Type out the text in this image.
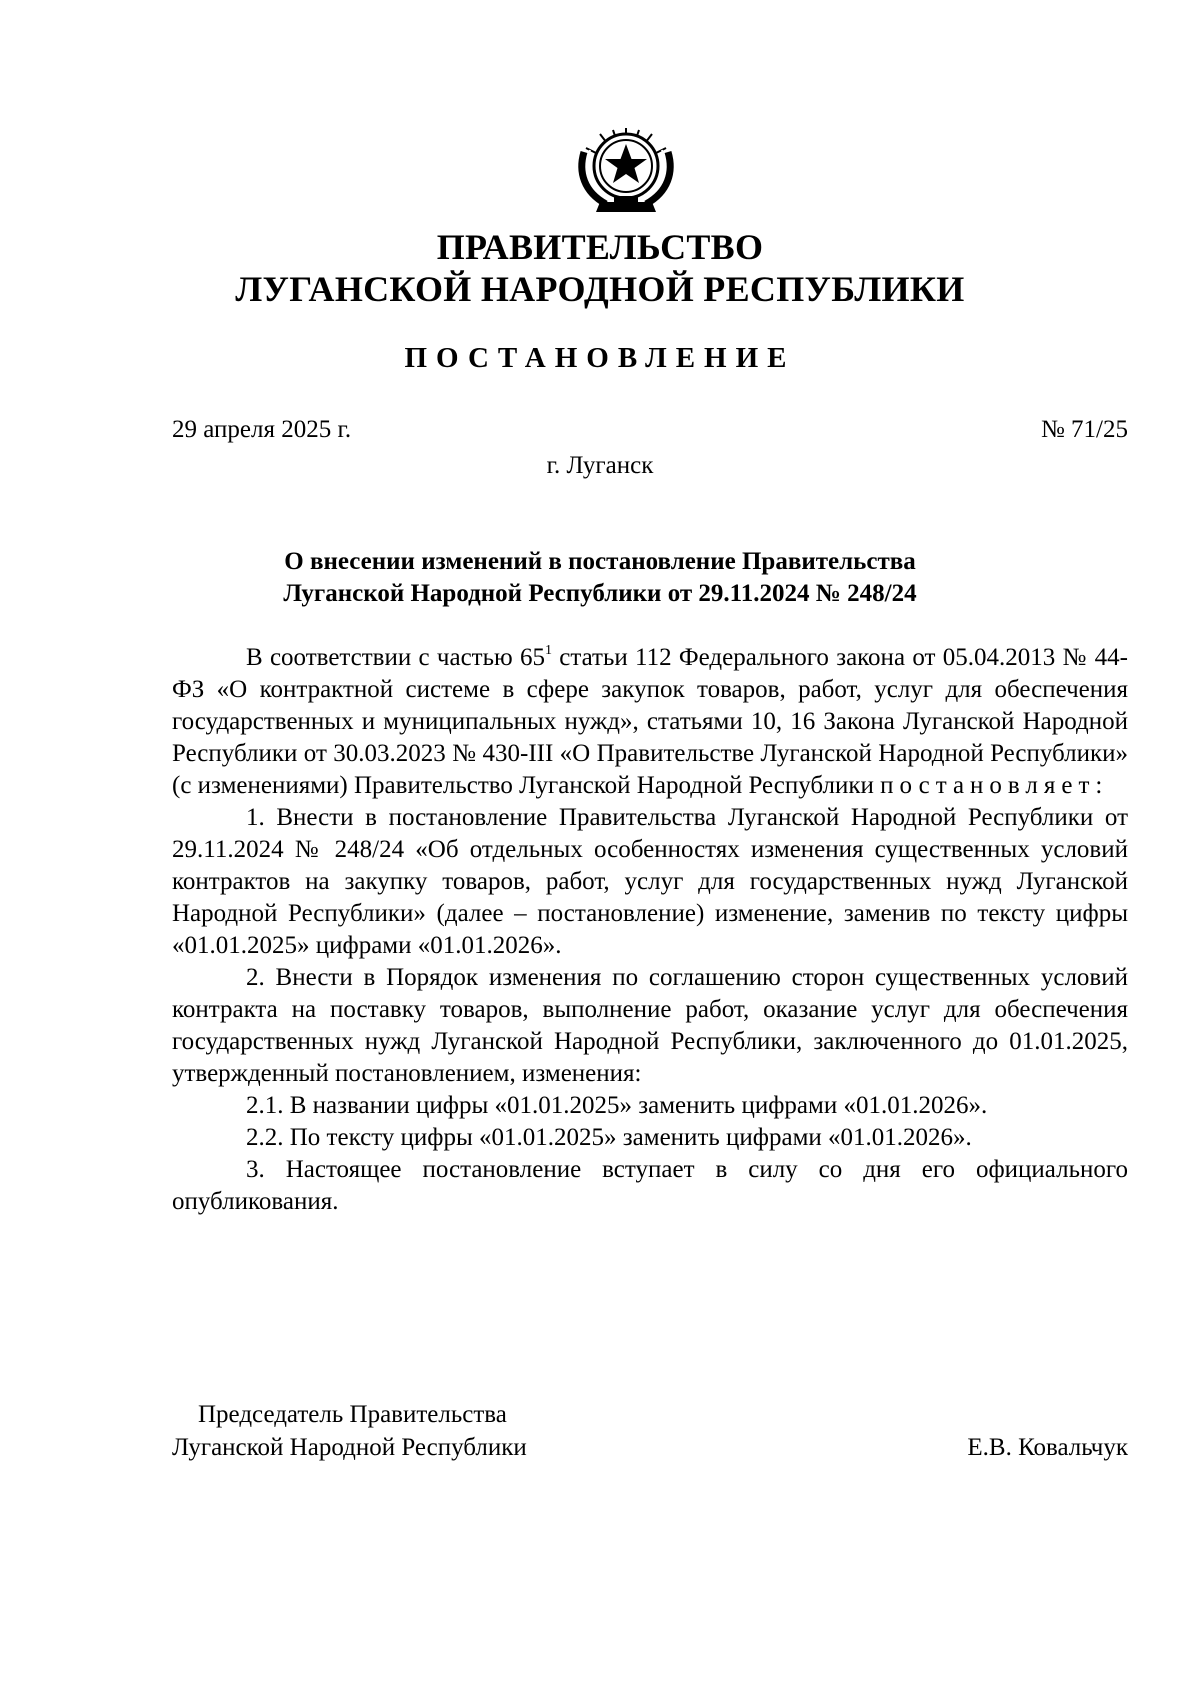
ПРАВИТЕЛЬСТВО
ЛУГАНСКОЙ НАРОДНОЙ РЕСПУБЛИКИ
ПОСТАНОВЛЕНИЕ
29 апреля 2025 г.	№ 71/25
г. Луганск
О внесении изменений в постановление Правительства
Луганской Народной Республики от 29.11.2024 № 248/24

В соответствии с частью $65^1$ статьи 112 Федерального закона от 05.04.2013 № 44-ФЗ «О контрактной системе в сфере закупок товаров, работ, услуг для обеспечения государственных и муниципальных нужд», статьями 10, 16 Закона Луганской Народной Республики от 30.03.2023 № 430-III «О Правительстве Луганской Народной Республики» (с изменениями) Правительство Луганской Народной Республики постановляет:

1. Внести в постановление Правительства Луганской Народной Республики от 29.11.2024 № 248/24 «Об отдельных особенностях изменения существенных условий контрактов на закупку товаров, работ, услуг для государственных нужд Луганской Народной Республики» (далее – постановление) изменение, заменив по тексту цифры «01.01.2025» цифрами «01.01.2026».

2. Внести в Порядок изменения по соглашению сторон существенных условий контракта на поставку товаров, выполнение работ, оказание услуг для обеспечения государственных нужд Луганской Народной Республики, заключенного до 01.01.2025, утвержденный постановлением, изменения:

2.1. В названии цифры «01.01.2025» заменить цифрами «01.01.2026».

2.2. По тексту цифры «01.01.2025» заменить цифрами «01.01.2026».

3. Настоящее постановление вступает в силу со дня его официального опубликования.

Председатель Правительства
Луганской Народной Республики	Е.В. Ковальчук
